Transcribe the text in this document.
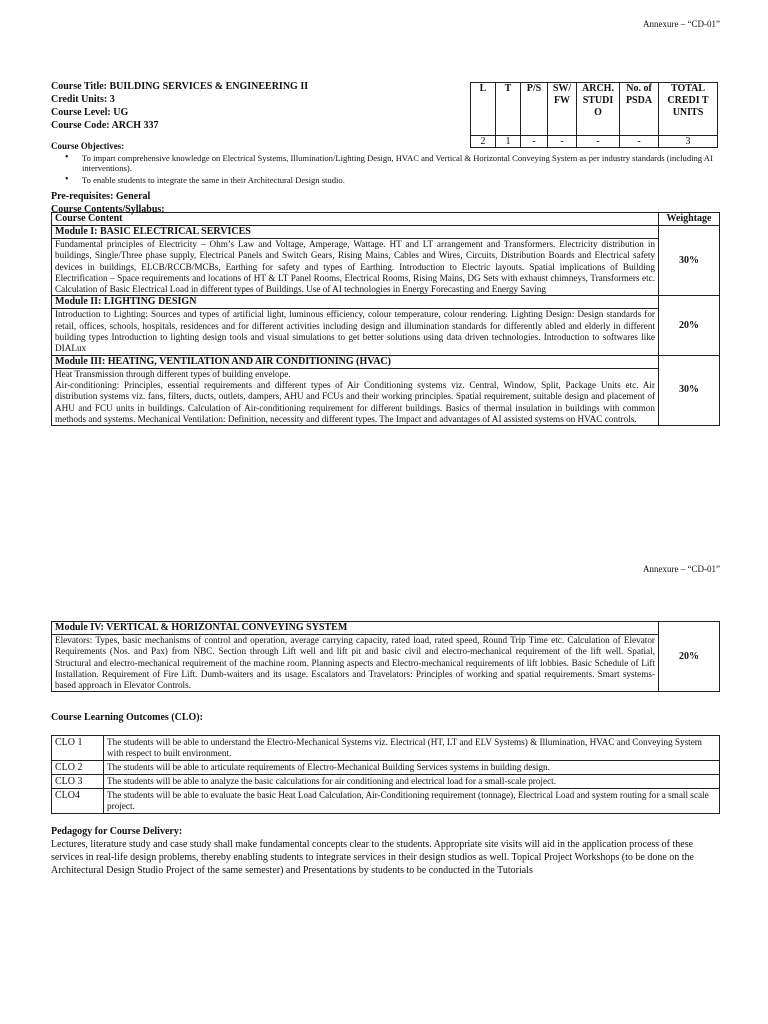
Annexure – “CD-01”
Course Title: BUILDING SERVICES & ENGINEERING II
Credit Units: 3
Course Level: UG
Course Code: ARCH 337
L	T	P/S	SW/ FW	ARCH. STUDI O	No. of PSDA	TOTAL CREDI T UNITS
2	1	-	-	-	-	3
Course Objectives:
• To impart comprehensive knowledge on Electrical Systems, Illumination/Lighting Design, HVAC and Vertical & Horizontal Conveying System as per industry standards (including AI interventions).
• To enable students to integrate the same in their Architectural Design studio.
Pre-requisites: General
Course Contents/Syllabus:
Course Content	Weightage
Module I: BASIC ELECTRICAL SERVICES	30%
Fundamental principles of Electricity – Ohm’s Law and Voltage, Amperage, Wattage. HT and LT arrangement and Transformers. Electricity distribution in buildings, Single/Three phase supply, Electrical Panels and Switch Gears, Rising Mains, Cables and Wires, Circuits, Distribution Boards and Electrical safety devices in buildings, ELCB/RCCB/MCBs, Earthing for safety and types of Earthing. Introduction to Electric layouts. Spatial implications of Building Electrification – Space requirements and locations of HT & LT Panel Rooms, Electrical Rooms, Rising Mains, DG Sets with exhaust chimneys, Transformers etc. Calculation of Basic Electrical Load in different types of Buildings. Use of AI technologies in Energy Forecasting and Energy Saving	
Module II: LIGHTING DESIGN	20%
Introduction to Lighting: Sources and types of artificial light, luminous efficiency, colour temperature, colour rendering. Lighting Design: Design standards for retail, offices, schools, hospitals, residences and for different activities including design and illumination standards for differently abled and elderly in different building types Introduction to lighting design tools and visual simulations to get better solutions using data driven technologies. Introduction to softwares like DIALux	
Module III: HEATING, VENTILATION AND AIR CONDITIONING (HVAC)	30%

Heat Transmission through different types of building envelope.
Air-conditioning: Principles, essential requirements and different types of Air Conditioning systems viz. Central, Window, Split, Package Units etc. Air distribution systems viz. fans, filters, ducts, outlets, dampers, AHU and FCUs and their working principles. Spatial requirement, suitable design and placement of AHU and FCU units in buildings. Calculation of Air-conditioning requirement for different buildings. Basics of thermal insulation in buildings with common methods and systems. Mechanical Ventilation: Definition, necessity and different types. The Impact and advantages of AI assisted systems on HVAC controls.	
Annexure – “CD-01”
Module IV: VERTICAL & HORIZONTAL CONVEYING SYSTEM	20%
Elevators: Types, basic mechanisms of control and operation, average carrying capacity, rated load, rated speed, Round Trip Time etc. Calculation of Elevator Requirements (Nos. and Pax) from NBC. Section through Lift well and lift pit and basic civil and electro-mechanical requirement of the lift well. Spatial, Structural and electro-mechanical requirement of the machine room. Planning aspects and Electro-mechanical requirements of lift lobbies. Basic Schedule of Lift Installation. Requirement of Fire Lift. Dumb-waiters and its usage. Escalators and Travelators: Principles of working and spatial requirements. Smart systems-based approach in Elevator Controls.
Course Learning Outcomes (CLO):
CLO 1	The students will be able to understand the Electro-Mechanical Systems viz. Electrical (HT, LT and ELV Systems) & Illumination, HVAC and Conveying System with respect to built environment.
CLO 2	The students will be able to articulate requirements of Electro-Mechanical Building Services systems in building design.
CLO 3	The students will be able to analyze the basic calculations for air conditioning and electrical load for a small-scale project.
CLO4	The students will be able to evaluate the basic Heat Load Calculation, Air-Conditioning requirement (tonnage), Electrical Load and system routing for a small scale project.
Pedagogy for Course Delivery:
Lectures, literature study and case study shall make fundamental concepts clear to the students. Appropriate site visits will aid in the application process of these services in real-life design problems, thereby enabling students to integrate services in their design studios as well. Topical Project Workshops (to be done on the Architectural Design Studio Project of the same semester) and Presentations by students to be conducted in the Tutorials
